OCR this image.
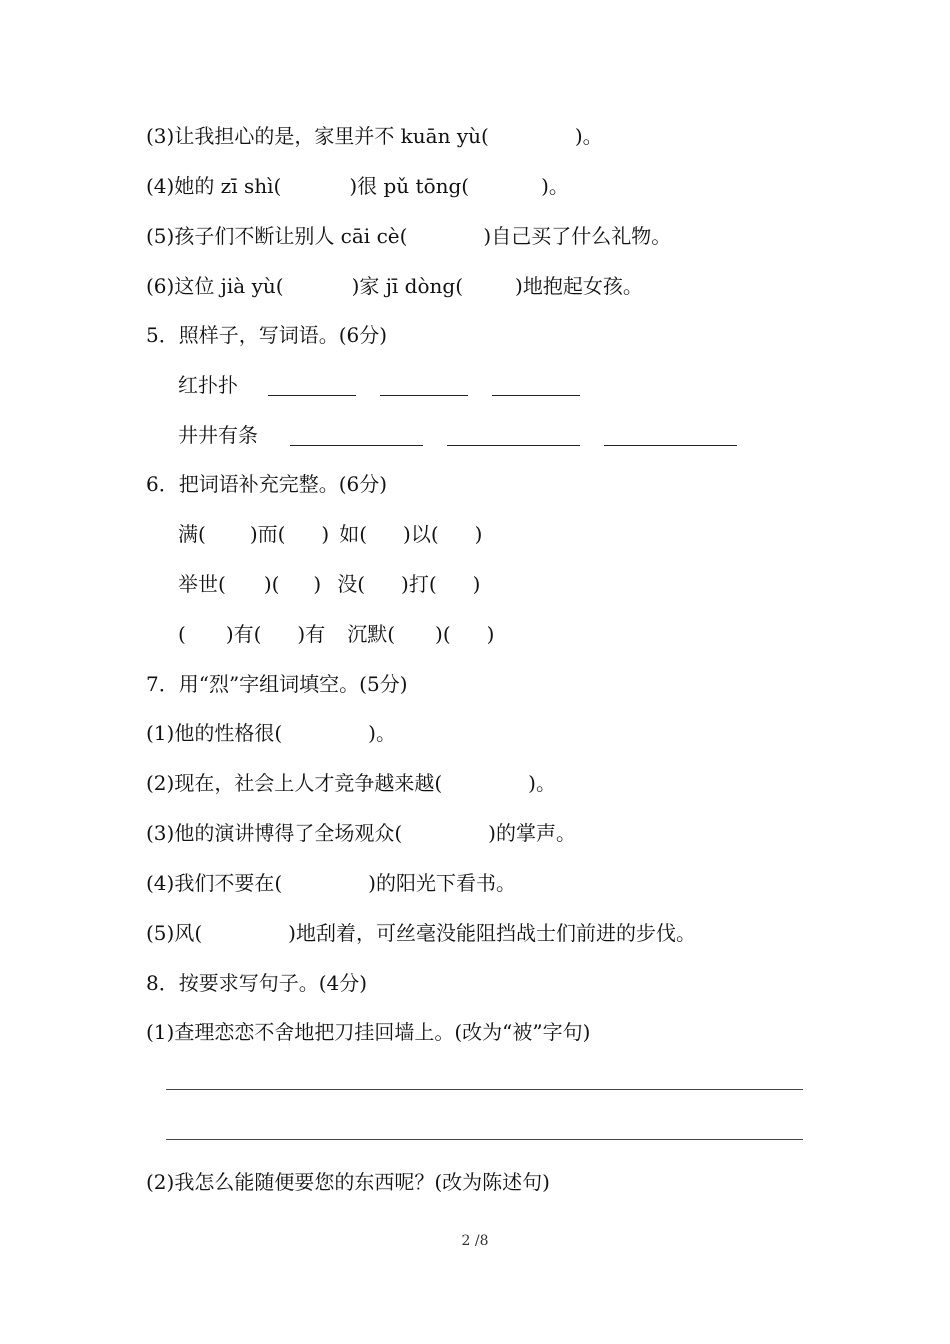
(3)让我担心的是，家里并不 kuān yù(	)。
(4)她的 zī shì(	)很 pǔ tōng(	)。
(5)孩子们不断让别人 cāi cè(	)自己买了什么礼物。
(6)这位 jià yù(	)家 jī dòng(	)地抱起女孩。
5．照样子，写词语。(6分)
红扑扑
井井有条
6．把词语补充完整。(6分)
满( )而( ) 如( )以( )
举世( )( ) 没( )打( )
( )有( )有 沉默( )( )
7．用“烈”字组词填空。(5分)
(1)他的性格很(	)。
(2)现在，社会上人才竞争越来越(	)。
(3)他的演讲博得了全场观众(	)的掌声。
(4)我们不要在(	)的阳光下看书。
(5)风(	)地刮着，可丝毫没能阻挡战士们前进的步伐。
8．按要求写句子。(4分)
(1)查理恋恋不舍地把刀挂回墙上。(改为“被”字句)
(2)我怎么能随便要您的东西呢？(改为陈述句)
2 /8
